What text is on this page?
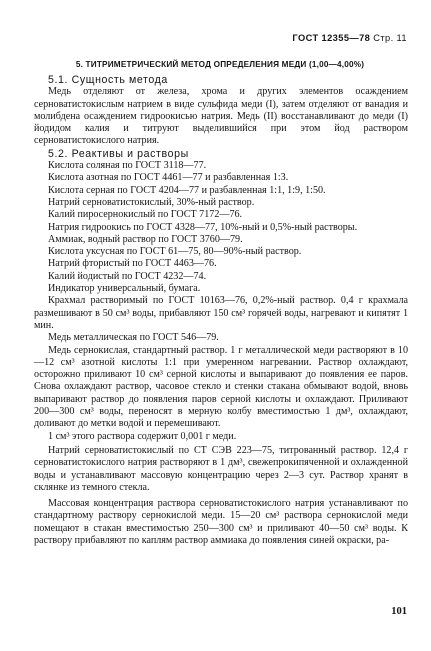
ГОСТ 12355—78 Стр. 11
5. ТИТРИМЕТРИЧЕСКИЙ МЕТОД ОПРЕДЕЛЕНИЯ МЕДИ (1,00—4,00%)

5.1. Сущность метода

Медь отделяют от железа, хрома и других элементов осаждением серноватистокислым натрием в виде сульфида меди (I), затем отделяют от ванадия и молибдена осаждением гидроокисью натрия. Медь (II) восстанавливают до меди (I) йодидом калия и титруют выделившийся при этом йод раствором серноватистокислого натрия.

5.2. Реактивы и растворы

Кислота соляная по ГОСТ 3118—77.

Кислота азотная по ГОСТ 4461—77 и разбавленная 1:3.

Кислота серная по ГОСТ 4204—77 и разбавленная 1:1, 1:9, 1:50.

Натрий серноватистокислый, 30%-ный раствор.

Калий пиросернокислый по ГОСТ 7172—76.

Натрия гидроокись по ГОСТ 4328—77, 10%-ный и 0,5%-ный растворы.

Аммиак, водный раствор по ГОСТ 3760—79.

Кислота уксусная по ГОСТ 61—75, 80—90%-ный раствор.

Натрий фтористый по ГОСТ 4463—76.

Калий йодистый по ГОСТ 4232—74.

Индикатор универсальный, бумага.

Крахмал растворимый по ГОСТ 10163—76, 0,2%-ный раствор. 0,4 г крахмала размешивают в 50 см³ воды, прибавляют 150 см³ горячей воды, нагревают и кипятят 1 мин.

Медь металлическая по ГОСТ 546—79.

Медь сернокислая, стандартный раствор. 1 г металлической меди растворяют в 10—12 см³ азотной кислоты 1:1 при умеренном нагревании. Раствор охлаждают, осторожно приливают 10 см³ серной кислоты и выпаривают до появления ее паров. Снова охлаждают раствор, часовое стекло и стенки стакана обмывают водой, вновь выпаривают раствор до появления паров серной кислоты и охлаждают. Приливают 200—300 см³ воды, переносят в мерную колбу вместимостью 1 дм³, охлаждают, доливают до метки водой и перемешивают.

1 см³ этого раствора содержит 0,001 г меди.

Натрий серноватистокислый по СТ СЭВ 223—75, титрованный раствор. 12,4 г серноватистокислого натрия растворяют в 1 дм³, свежепрокипяченной и охлажденной воды и устанавливают массовую концентрацию через 2—3 сут. Раствор хранят в склянке из темного стекла.

Массовая концентрация раствора серноватистокислого натрия устанавливают по стандартному раствору сернокислой меди. 15—20 см³ раствора сернокислой меди помещают в стакан вместимостью 250—300 см³ и приливают 40—50 см³ воды. К раствору прибавляют по каплям раствор аммиака до появления синей окраски, ра-

101
